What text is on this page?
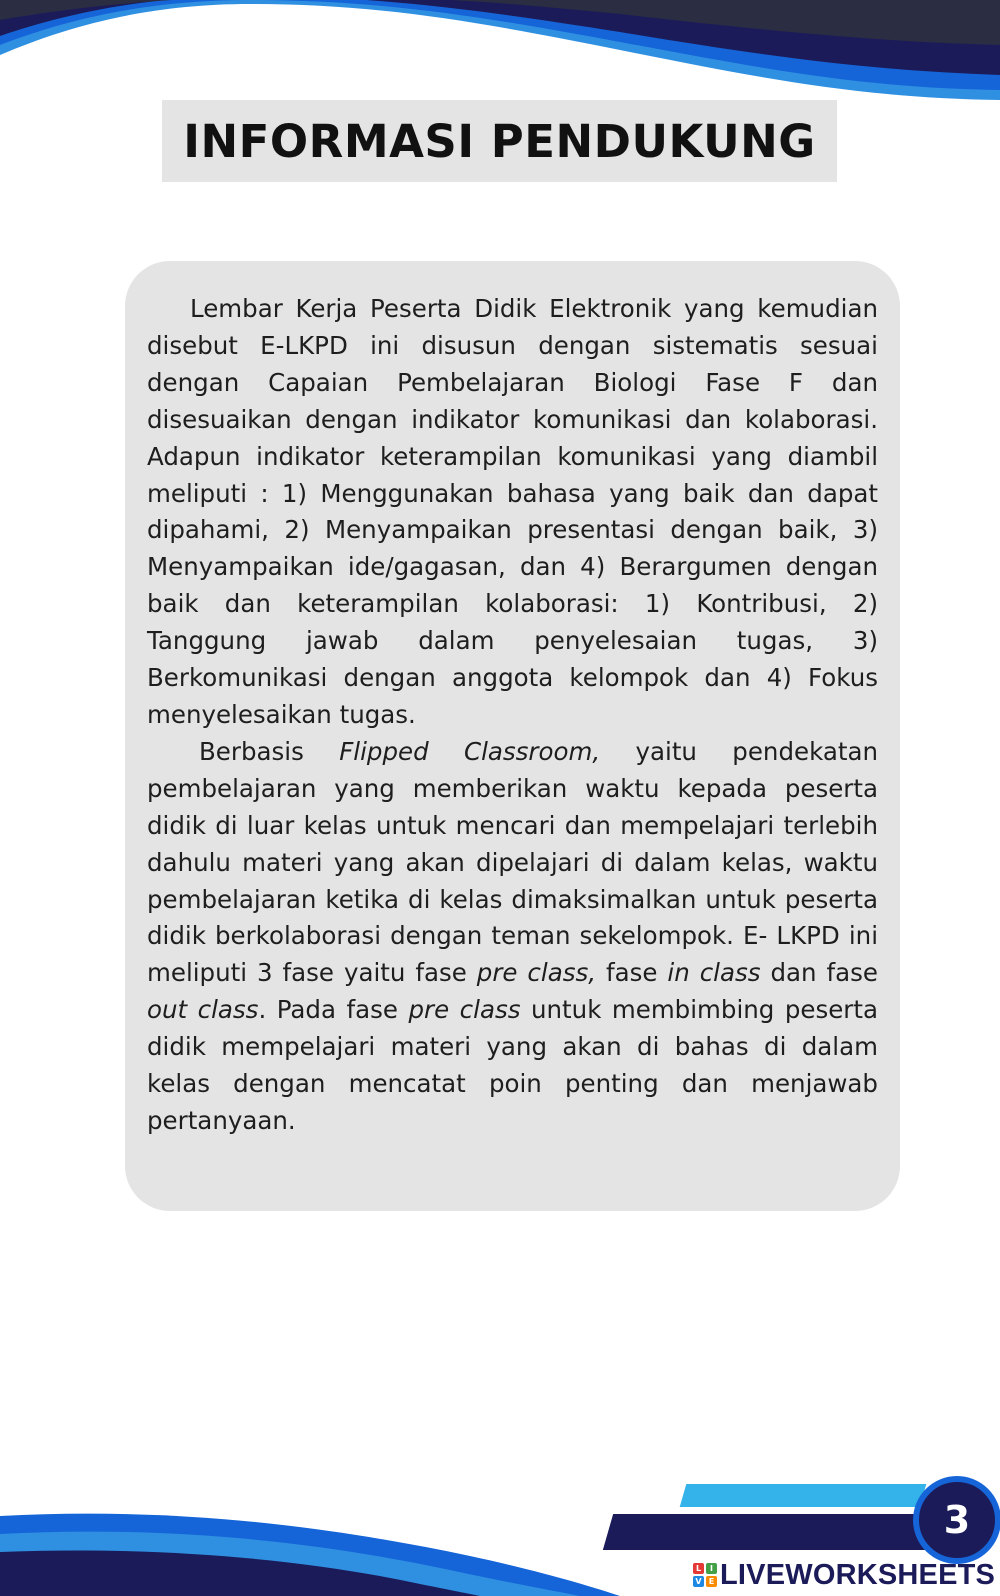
INFORMASI PENDUKUNG

Lembar Kerja Peserta Didik Elektronik yang kemudian disebut E-LKPD ini disusun dengan sistematis sesuai dengan Capaian Pembelajaran Biologi Fase F dan disesuaikan dengan indikator komunikasi dan kolaborasi. Adapun indikator keterampilan komunikasi yang diambil meliputi : 1) Menggunakan bahasa yang baik dan dapat dipahami, 2) Menyampaikan presentasi dengan baik, 3) Menyampaikan ide/gagasan, dan 4) Berargumen dengan baik dan keterampilan kolaborasi: 1) Kontribusi, 2) Tanggung jawab dalam penyelesaian tugas, 3) Berkomunikasi dengan anggota kelompok dan 4) Fokus menyelesaikan tugas.

Berbasis Flipped Classroom, yaitu pendekatan pembelajaran yang memberikan waktu kepada peserta didik di luar kelas untuk mencari dan mempelajari terlebih dahulu materi yang akan dipelajari di dalam kelas, waktu pembelajaran ketika di kelas dimaksimalkan untuk peserta didik berkolaborasi dengan teman sekelompok. E- LKPD ini meliputi 3 fase yaitu fase pre class, fase in class dan fase out class. Pada fase pre class untuk membimbing peserta didik mempelajari materi yang akan di bahas di dalam kelas dengan mencatat poin penting dan menjawab pertanyaan.

3
L	I
V E LIVEWORKSHEETS
